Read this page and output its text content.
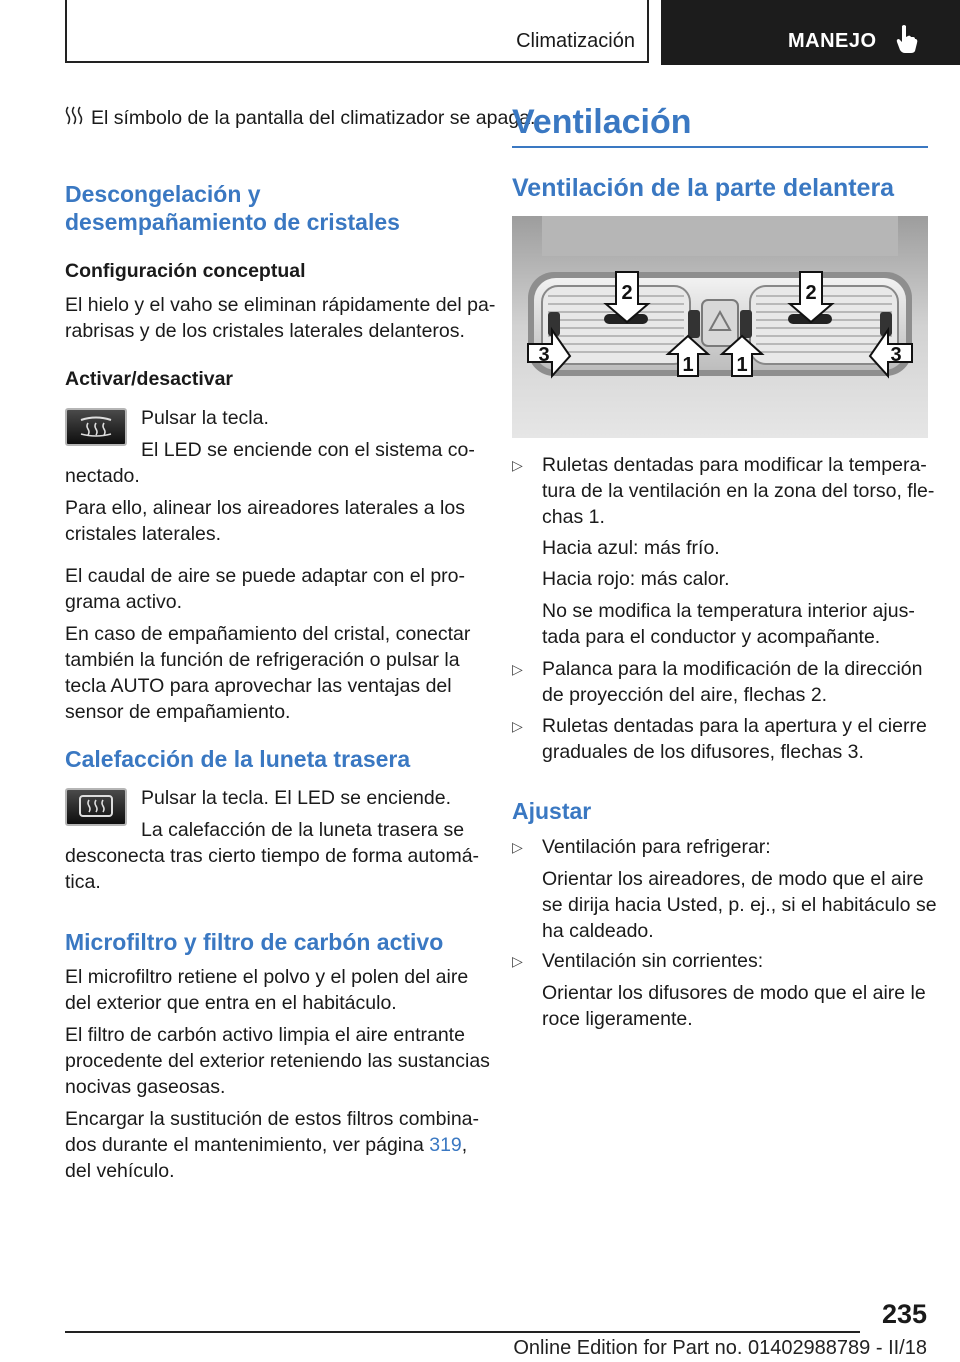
Climatización	MANEJO

El símbolo de la pantalla del climatizador se apaga.

Descongelación y
desempañamiento de cristales
Configuración conceptual

El hielo y el vaho se eliminan rápidamente del pa‐

rabrisas y de los cristales laterales delanteros.

Activar/desactivar

Pulsar la tecla.

El LED se enciende con el sistema co‐

nectado.

Para ello, alinear los aireadores laterales a los

cristales laterales.

El caudal de aire se puede adaptar con el pro‐

grama activo.

En caso de empañamiento del cristal, conectar

también la función de refrigeración o pulsar la

tecla AUTO para aprovechar las ventajas del

sensor de empañamiento.

Calefacción de la luneta trasera

Pulsar la tecla. El LED se enciende.

La calefacción de la luneta trasera se

desconecta tras cierto tiempo de forma automá‐

tica.

Microfiltro y filtro de carbón activo

El microfiltro retiene el polvo y el polen del aire

del exterior que entra en el habitáculo.

El filtro de carbón activo limpia el aire entrante

procedente del exterior reteniendo las sustancias

nocivas gaseosas.

Encargar la sustitución de estos filtros combina‐

dos durante el mantenimiento, ver página 319,

del vehículo.

Ventilación
Ventilación de la parte delantera
2	2
3	1 1	3
▷ Ruletas dentadas para modificar la tempera‐

tura de la ventilación en la zona del torso, fle‐

chas 1.

Hacia azul: más frío.

Hacia rojo: más calor.

No se modifica la temperatura interior ajus‐

tada para el conductor y acompañante.

▷ Palanca para la modificación de la dirección

de proyección del aire, flechas 2.

▷ Ruletas dentadas para la apertura y el cierre

graduales de los difusores, flechas 3.

Ajustar
▷ Ventilación para refrigerar:

Orientar los aireadores, de modo que el aire

se dirija hacia Usted, p. ej., si el habitáculo se

ha caldeado.

▷ Ventilación sin corrientes:

Orientar los difusores de modo que el aire le

roce ligeramente.

235
Online Edition for Part no. 01402988789 - II/18
